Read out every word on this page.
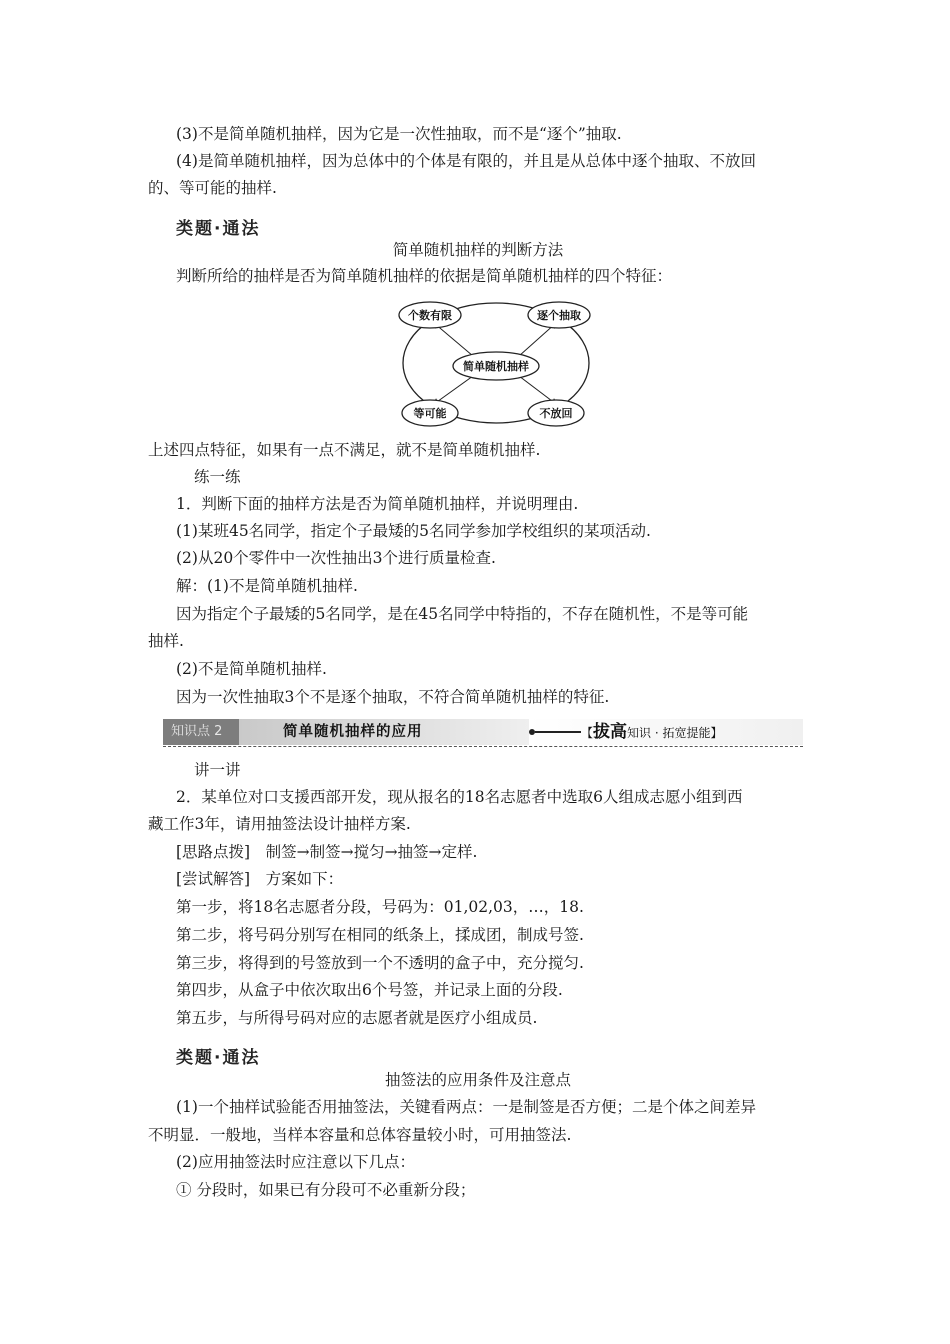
(3)不是简单随机抽样，因为它是一次性抽取，而不是“逐个”抽取.
(4)是简单随机抽样，因为总体中的个体是有限的，并且是从总体中逐个抽取、不放回
的、等可能的抽样.
类题·通法
简单随机抽样的判断方法
判断所给的抽样是否为简单随机抽样的依据是简单随机抽样的四个特征：
个数有限	逐个抽取
简单随机抽样
等可能	不放回
上述四点特征，如果有一点不满足，就不是简单随机抽样.
练一练
1．判断下面的抽样方法是否为简单随机抽样，并说明理由.
(1)某班45名同学，指定个子最矮的5名同学参加学校组织的某项活动.
(2)从20个零件中一次性抽出3个进行质量检查.
解：(1)不是简单随机抽样.
因为指定个子最矮的5名同学，是在45名同学中特指的，不存在随机性，不是等可能
抽样.
(2)不是简单随机抽样.
因为一次性抽取3个不是逐个抽取，不符合简单随机抽样的特征.
知识点 2	简单随机抽样的应用	【拔高知识 · 拓宽提能】
讲一讲
2．某单位对口支援西部开发，现从报名的18名志愿者中选取6人组成志愿小组到西
藏工作3年，请用抽签法设计抽样方案.
[思路点拨]　制签→制签→搅匀→抽签→定样.
[尝试解答]　方案如下：
第一步，将18名志愿者分段，号码为：01,02,03，…，18.
第二步，将号码分别写在相同的纸条上，揉成团，制成号签.
第三步，将得到的号签放到一个不透明的盒子中，充分搅匀.
第四步，从盒子中依次取出6个号签，并记录上面的分段.
第五步，与所得号码对应的志愿者就是医疗小组成员.
类题·通法
抽签法的应用条件及注意点
(1)一个抽样试验能否用抽签法，关键看两点：一是制签是否方便；二是个体之间差异
不明显．一般地，当样本容量和总体容量较小时，可用抽签法.
(2)应用抽签法时应注意以下几点：
① 分段时，如果已有分段可不必重新分段；
